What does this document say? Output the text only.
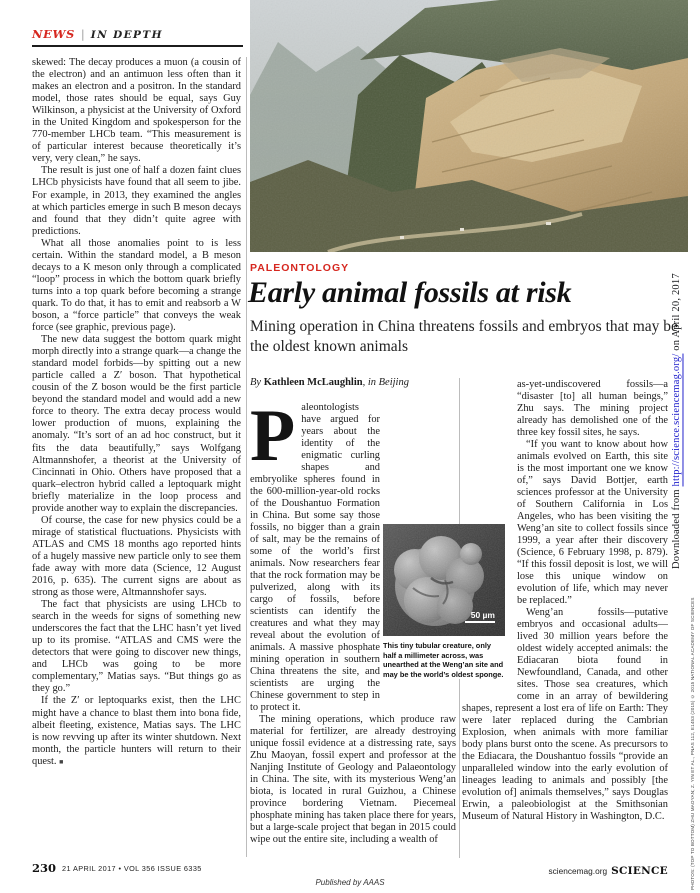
NEWS | IN DEPTH

skewed: The decay produces a muon (a cousin of the electron) and an antimuon less often than it makes an electron and a positron. In the standard model, those rates should be equal, says Guy Wilkinson, a physicist at the University of Oxford in the United Kingdom and spokesperson for the 770-member LHCb team. “This measurement is of particular interest because theoretically it’s very, very clean,” he says.

The result is just one of half a dozen faint clues LHCb physicists have found that all seem to jibe. For example, in 2013, they examined the angles at which particles emerge in such B meson decays and found that they didn’t quite agree with predictions.

What all those anomalies point to is less certain. Within the standard model, a B meson decays to a K meson only through a complicated “loop” process in which the bottom quark briefly turns into a top quark before becoming a strange quark. To do that, it has to emit and reabsorb a W boson, a “force particle” that conveys the weak force (see graphic, previous page).

The new data suggest the bottom quark might morph directly into a strange quark—a change the standard model forbids—by spitting out a new particle called a Z′ boson. That hypothetical cousin of the Z boson would be the first particle beyond the standard model and would add a new force to theory. The extra decay process would lower production of muons, explaining the anomaly. “It’s sort of an ad hoc construct, but it fits the data beautifully,” says Wolfgang Altmannshofer, a theorist at the University of Cincinnati in Ohio. Others have proposed that a quark–electron hybrid called a leptoquark might briefly materialize in the loop process and provide another way to explain the discrepancies.

Of course, the case for new physics could be a mirage of statistical fluctuations. Physicists with ATLAS and CMS 18 months ago reported hints of a hugely massive new particle only to see them fade away with more data (Science, 12 August 2016, p. 635). The current signs are about as strong as those were, Altmannshofer says.

The fact that physicists are using LHCb to search in the weeds for signs of something new underscores the fact that the LHC hasn’t yet lived up to its promise. “ATLAS and CMS were the detectors that were going to discover new things, and LHCb was going to be more complementary,” Matias says. “But things go as they go.”

If the Z′ or leptoquarks exist, then the LHC might have a chance to blast them into bona fide, albeit fleeting, existence, Matias says. The LHC is now revving up after its winter shutdown. Next month, the particle hunters will return to their quest. ■

PALEONTOLOGY
Early animal fossils at risk

Mining operation in China threatens fossils and embryos that may be the oldest known animals

By Kathleen McLaughlin, in Beijing

Paleontologists have argued for years about the identity of the enigmatic curling shapes and embryolike spheres found in the 600-million-year-old rocks of the Doushantuo Formation in China. But some say those fossils, no bigger than a grain of salt, may be the remains of some of the world’s first animals. Now researchers fear that the rock formation may be pulverized, along with its cargo of fossils, before scientists can identify the creatures and what they may reveal about the evolution of animals. A massive phosphate mining operation in southern China threatens the site, and scientists are urging the Chinese government to step in to protect it.

The mining operations, which produce raw material for fertilizer, are already destroying unique fossil evidence at a distressing rate, says Zhu Maoyan, fossil expert and professor at the Nanjing Institute of Geology and Palaeontology in China. The site, with its mysterious Weng’an biota, is located in rural Guizhou, a Chinese province bordering Vietnam. Piecemeal phosphate mining has taken place there for years, but a large-scale project that began in 2015 could wipe out the entire site, including a wealth of

as-yet-undiscovered fossils—a “disaster [to] all human beings,” Zhu says. The mining project already has demolished one of the three key fossil sites, he says.

“If you want to know about how animals evolved on Earth, this site is the most important one we know of,” says David Bottjer, earth sciences professor at the University of Southern California in Los Angeles, who has been visiting the Weng’an site to collect fossils since 1999, a year after their discovery (Science, 6 February 1998, p. 879). “If this fossil deposit is lost, we will lose this unique window on evolution of life, which may never be replaced.”

Weng’an fossils—putative embryos and occasional adults—lived 30 million years before the oldest widely accepted animals: the Ediacaran biota found in Newfoundland, Canada, and other sites. Those sea creatures, which come in an array of bewildering shapes, represent a lost era of life on Earth: They were later replaced during the Cambrian Explosion, when animals with more familiar body plans burst onto the scene. As precursors to the Ediacara, the Doushantuo fossils “provide an unparalleled window into the early evolution of lineages leading to animals and possibly [the evolution of] animals themselves,” says Douglas Erwin, a paleobiologist at the Smithsonian Museum of Natural History in Washington, D.C.

50 µm
This tiny tubular creature, only half a millimeter across, was unearthed at the Weng’an site and may be the world’s oldest sponge.
Downloaded from http://science.sciencemag.org/ on April 20, 2017
PHOTOS: (TOP TO BOTTOM) ZHU MAOYAN; Z. YIN ET AL., PNAS 112, E1453 (2015) © 2015 NATIONAL ACADEMY OF SCIENCES
230 21 APRIL 2017 • VOL 356 ISSUE 6335	sciencemag.org SCIENCE
Published by AAAS
